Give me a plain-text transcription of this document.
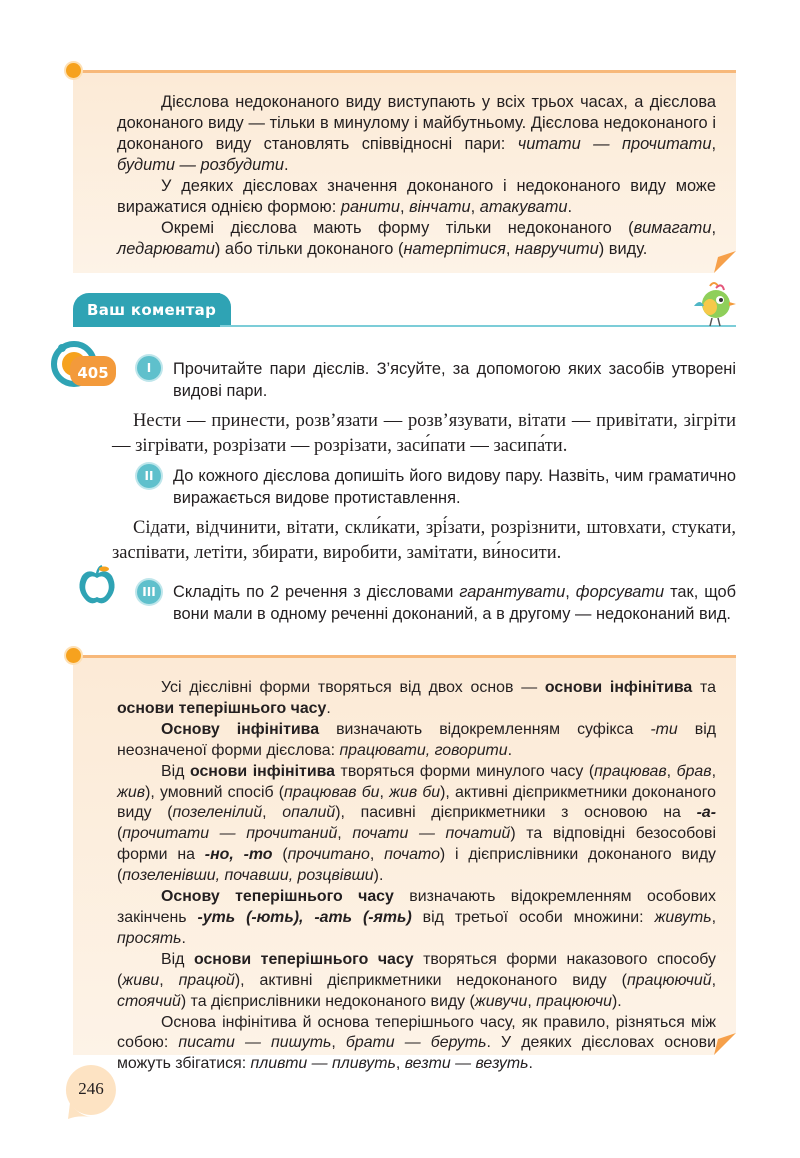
Дієслова недоконаного виду виступають у всіх трьох часах, а дієслова доконаного виду — тільки в минулому і майбутньому. Дієслова недоконаного і доконаного виду становлять співвідносні пари: читати — прочитати, будити — розбудити.

У деяких дієсловах значення доконаного і недоконаного виду може виражатися однією формою: ранити, вінчати, атакувати.

Окремі дієслова мають форму тільки недоконаного (вимагати, ледарювати) або тільки доконаного (натерпітися, навручити) виду.

Ваш коментар
405	I	Прочитайте пари дієслів. З’ясуйте, за допомогою яких засобів утворені видові пари.
Нести — принести, розв’язати — розв’язувати, вітати — привітати, зігріти — зігрівати, розрізати — розрізати, заси́пати — засипа́ти.
II	До кожного дієслова допишіть його видову пару. Назвіть, чим граматично виражається видове протиставлення.
Сідати, відчинити, вітати, скли́кати, зрі́зати, розрізнити, штовхати, стукати, заспівати, летіти, збирати, виробити, замітати, ви́носити.
III	Складіть по 2 речення з дієсловами гарантувати, форсувати так, щоб вони мали в одному реченні доконаний, а в другому — недоконаний вид.

Усі дієслівні форми творяться від двох основ — основи інфінітива та основи теперішнього часу.

Основу інфінітива визначають відокремленням суфікса -ти від неозначеної форми дієслова: працювати, говорити.

Від основи інфінітива творяться форми минулого часу (працював, брав, жив), умовний спосіб (працював би, жив би), активні дієприкметники доконаного виду (позеленілий, опалий), пасивні дієприкметники з основою на -а- (прочитати — прочитаний, почати — початий) та відповідні безособові форми на -но, -то (прочитано, почато) і дієприслівники доконаного виду (позеленівши, почавши, розцвівши).

Основу теперішнього часу визначають відокремленням особових закінчень -уть (-ють), -ать (-ять) від третьої особи множини: живуть, просять.

Від основи теперішнього часу творяться форми наказового способу (живи, працюй), активні дієприкметники недоконаного виду (працюючий, стоячий) та дієприслівники недоконаного виду (живучи, працюючи).

Основа інфінітива й основа теперішнього часу, як правило, різняться між собою: писати — пишуть, брати — беруть. У деяких дієсловах основи можуть збігатися: пливти — пливуть, везти — везуть.

246
